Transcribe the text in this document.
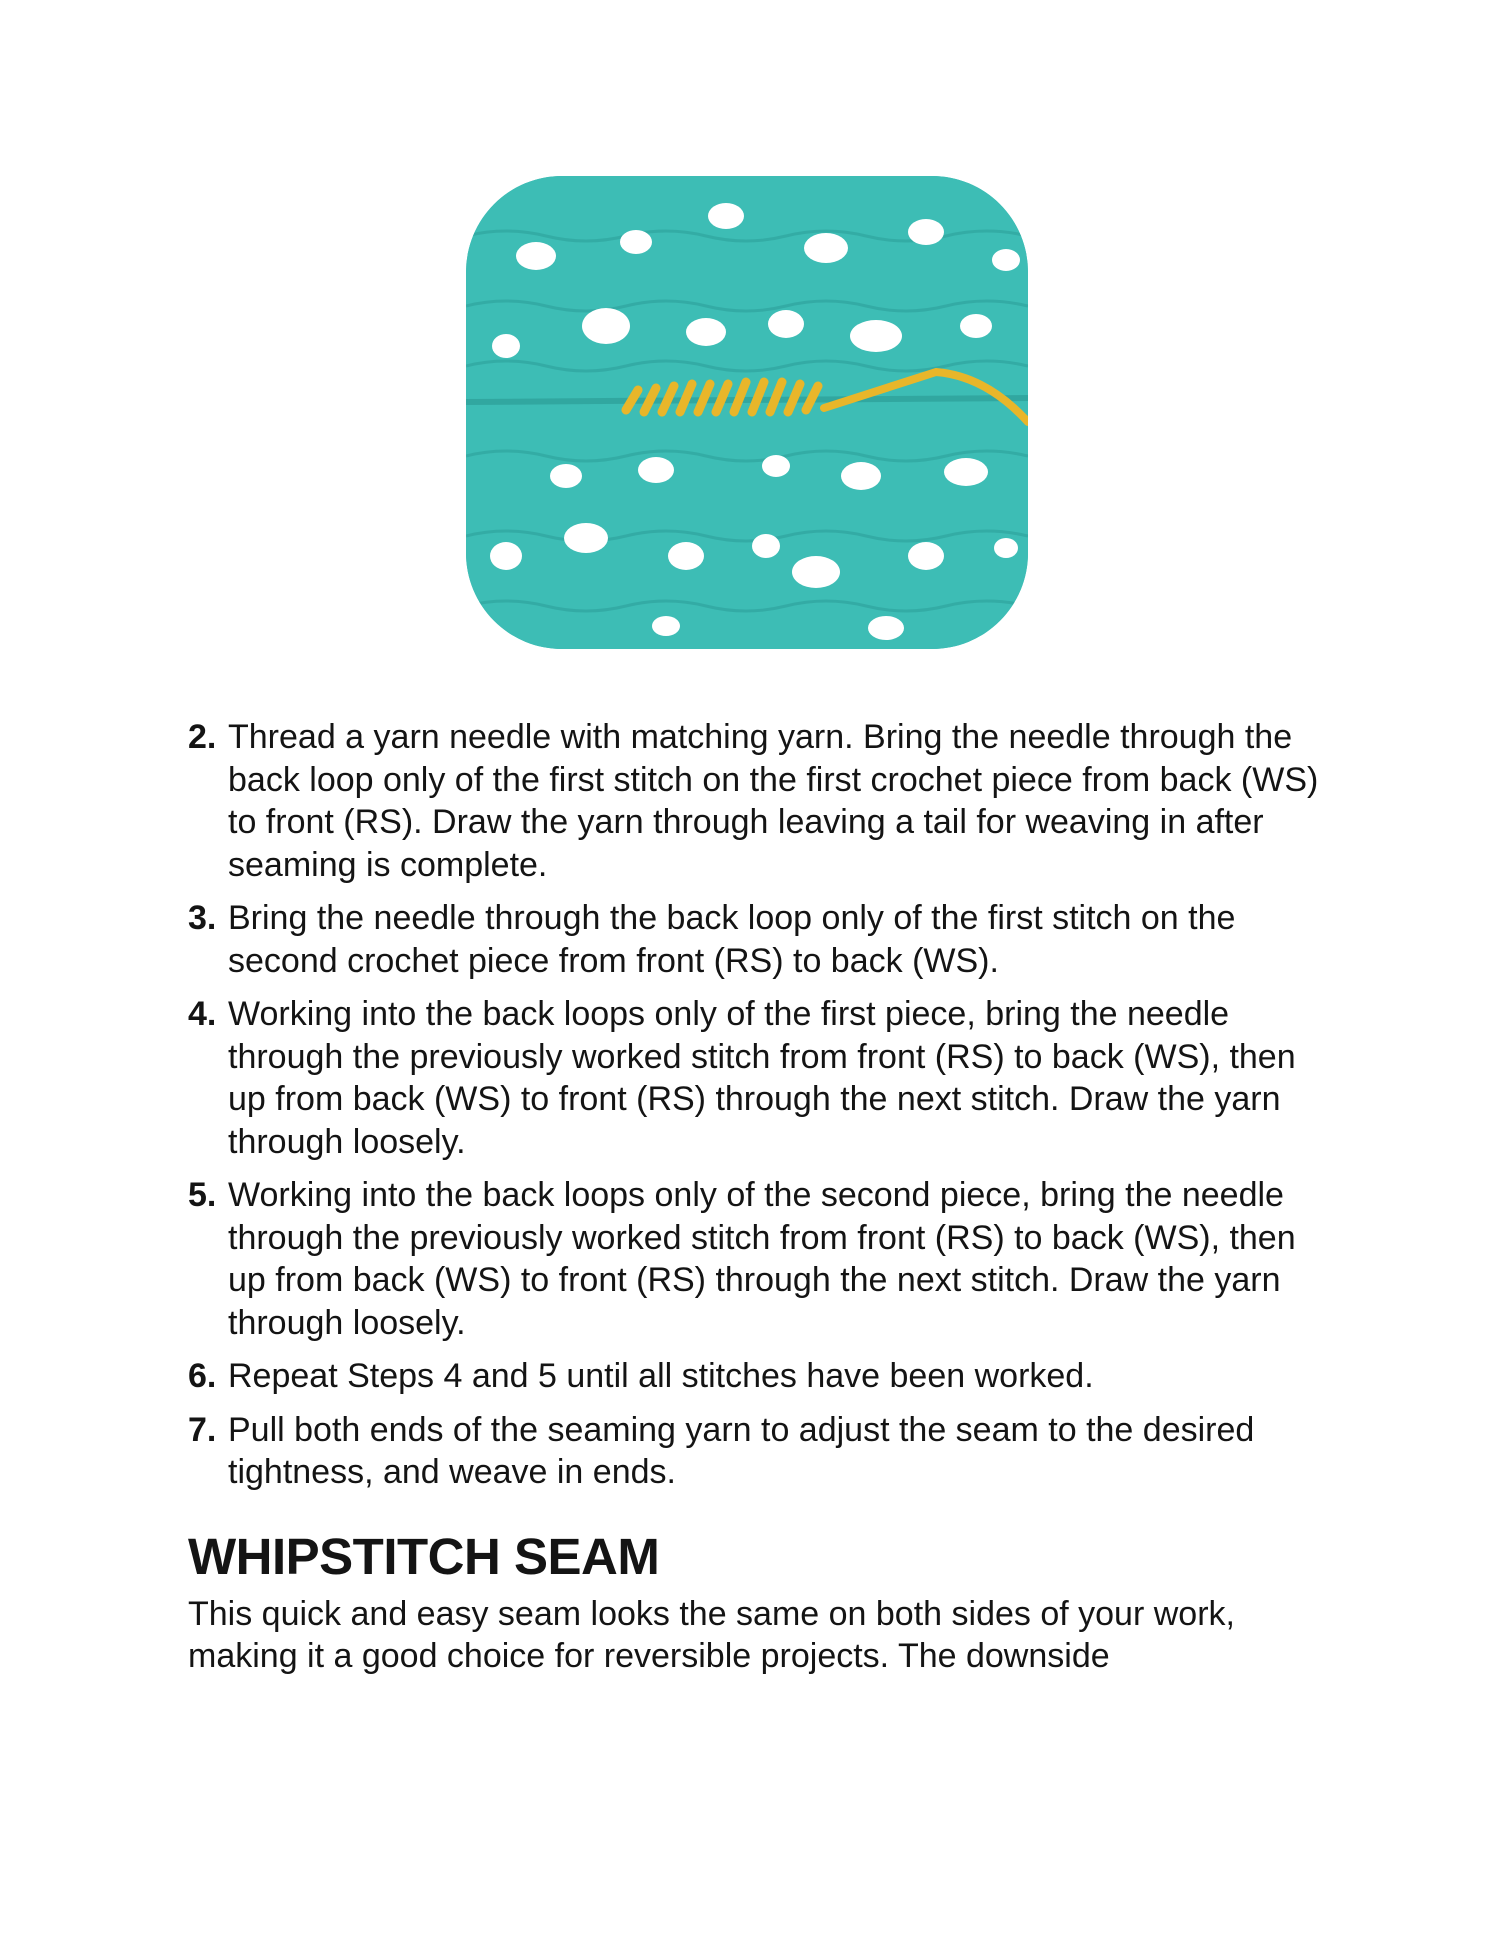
2. Thread a yarn needle with matching yarn. Bring the needle through the back loop only of the first stitch on the first crochet piece from back (WS) to front (RS). Draw the yarn through leaving a tail for weaving in after seaming is complete.
3. Bring the needle through the back loop only of the first stitch on the second crochet piece from front (RS) to back (WS).
4. Working into the back loops only of the first piece, bring the needle through the previously worked stitch from front (RS) to back (WS), then up from back (WS) to front (RS) through the next stitch. Draw the yarn through loosely.
5. Working into the back loops only of the second piece, bring the needle through the previously worked stitch from front (RS) to back (WS), then up from back (WS) to front (RS) through the next stitch. Draw the yarn through loosely.
6. Repeat Steps 4 and 5 until all stitches have been worked.
7. Pull both ends of the seaming yarn to adjust the seam to the desired tightness, and weave in ends.
WHIPSTITCH SEAM

This quick and easy seam looks the same on both sides of your work, making it a good choice for reversible projects. The downside
